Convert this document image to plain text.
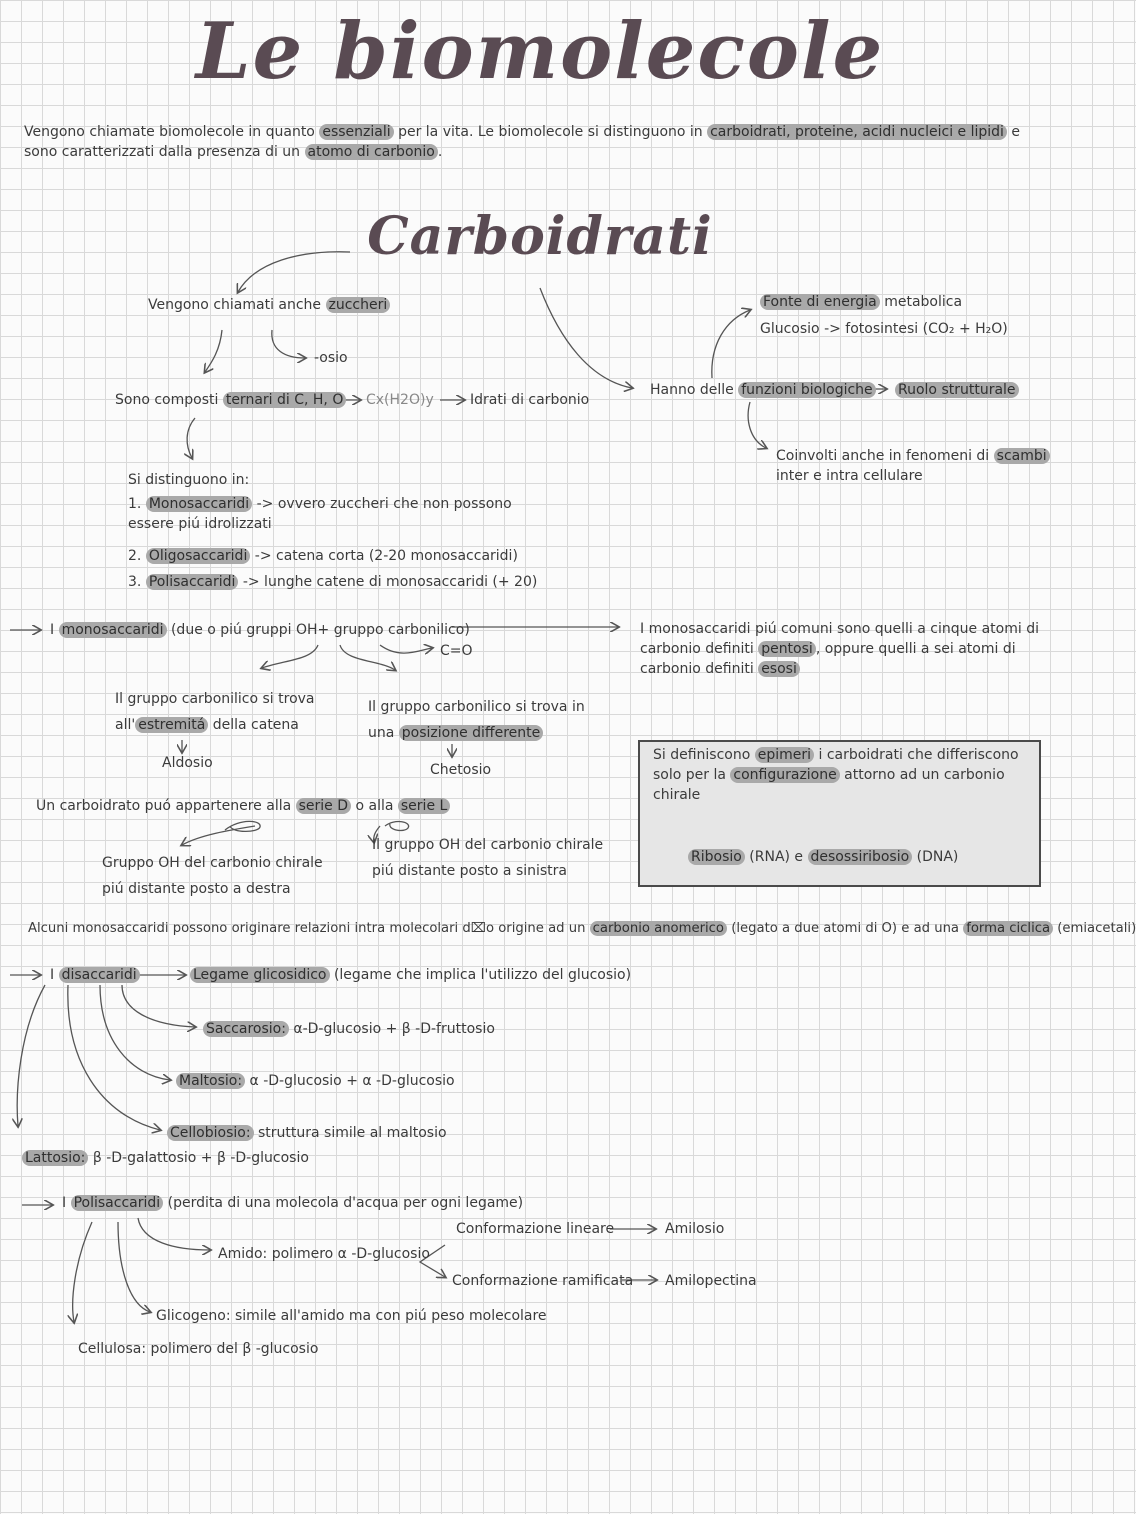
Le biomolecole
Vengono chiamate biomolecole in quanto essenziali per la vita. Le biomolecole si distinguono in carboidrati, proteine, acidi nucleici e lipidi e sono caratterizzati dalla presenza di un atomo di carbonio .
Carboidrati
Vengono chiamati anche zuccheri
-osio
Sono composti ternari di C, H, O Cx(H2O)y	Idrati di carbonio
Si distinguono in:
1. Monosaccaridi -> ovvero zuccheri che non possono essere piú idrolizzati
2. Oligosaccaridi -> catena corta (2-20 monosaccaridi)
3. Polisaccaridi -> lunghe catene di monosaccaridi (+ 20)
Hanno delle funzioni biologiche
Fonte di energia metabolica
Glucosio -> fotosintesi (CO₂ + H₂O)
Ruolo strutturale
Coinvolti anche in fenomeni di scambi inter e intra cellulare
I monosaccaridi (due o piú gruppi OH+ gruppo carbonilico)
C=O
Il gruppo carbonilico si trova
all' estremitá della catena
Aldosio
Il gruppo carbonilico si trova in
una posizione differente
Chetosio
I monosaccaridi piú comuni sono quelli a cinque atomi di carbonio definiti pentosi , oppure quelli a sei atomi di carbonio definiti esosi
Si definiscono epimeri i carboidrati che differiscono solo per la configurazione attorno ad un carbonio chirale
Ribosio (RNA) e desossiribosio (DNA)
Un carboidrato puó appartenere alla serie D o alla serie L
Gruppo OH del carbonio chirale
piú distante posto a destra
Il gruppo OH del carbonio chirale
piú distante posto a sinistra
Alcuni monosaccaridi possono originare relazioni intra molecolari d⌧o origine ad un carbonio anomerico (legato a due atomi di O) e ad una forma ciclica (emiacetali)
I disaccaridi	Legame glicosidico (legame che implica l'utilizzo del glucosio)
Saccarosio: α-D-glucosio + β -D-fruttosio
Maltosio: α -D-glucosio + α -D-glucosio
Cellobiosio: struttura simile al maltosio
Lattosio: β -D-galattosio + β -D-glucosio
I Polisaccaridi (perdita di una molecola d'acqua per ogni legame)
Amido: polimero α -D-glucosio
Conformazione lineare	Amilosio
Conformazione ramificata Amilopectina
Glicogeno: simile all'amido ma con piú peso molecolare
Cellulosa: polimero del β -glucosio
